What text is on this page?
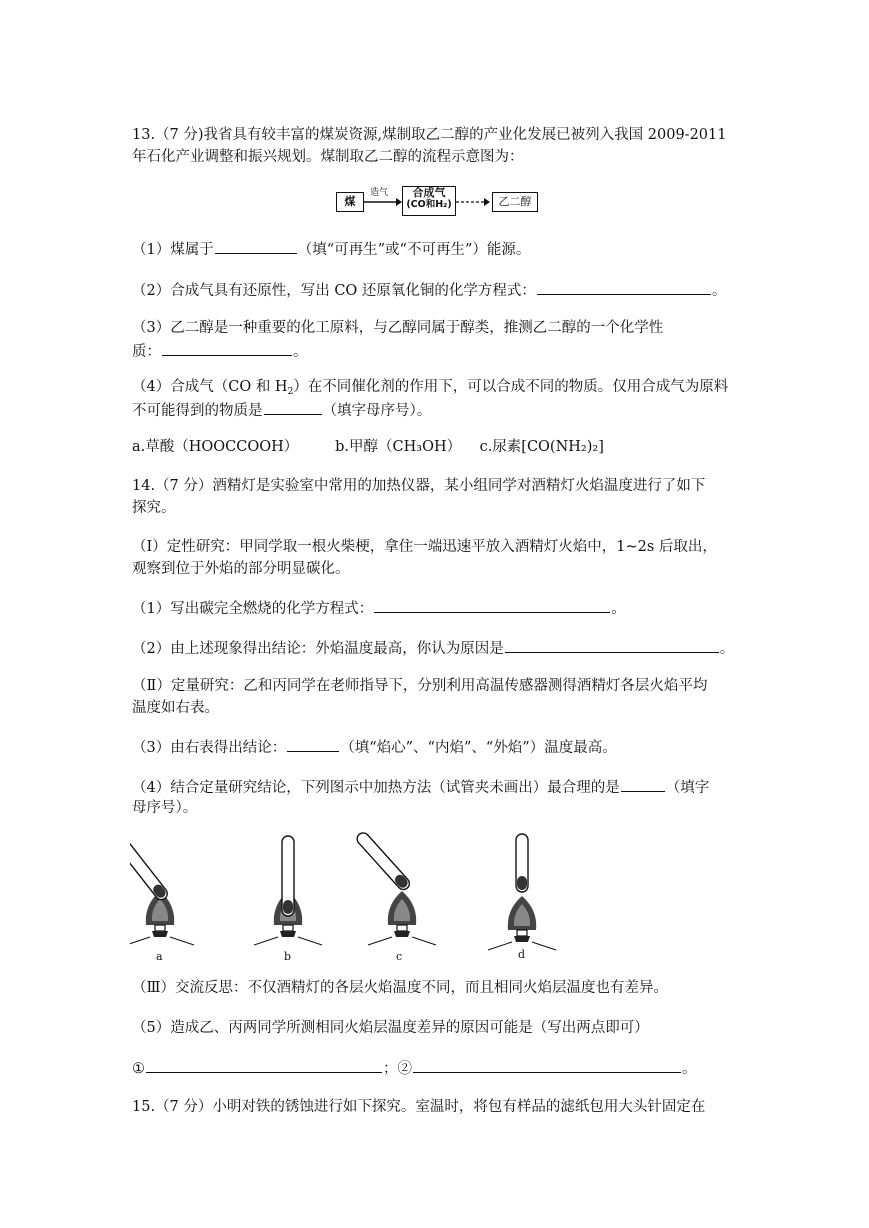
13.（7 分)我省具有较丰富的煤炭资源,煤制取乙二醇的产业化发展已被列入我国 2009-2011
年石化产业调整和振兴规划。煤制取乙二醇的流程示意图为：
煤
造气	合成气
(CO和H₂)	乙二醇
（1）煤属于	（填“可再生”或“不可再生”）能源。
（2）合成气具有还原性，写出 CO 还原氧化铜的化学方程式：	。
（3）乙二醇是一种重要的化工原料，与乙醇同属于醇类，推测乙二醇的一个化学性
质：	。
（4）合成气（CO 和 $H_2$）在不同催化剂的作用下，可以合成不同的物质。仅用合成气为原料
不可能得到的物质是	（填字母序号）。
a.草酸（HOOCCOOH）        b.甲醇（CH₃OH）    c.尿素[CO(NH₂)₂]
14.（7 分）酒精灯是实验室中常用的加热仪器，某小组同学对酒精灯火焰温度进行了如下
探究。
（Ⅰ）定性研究：甲同学取一根火柴梗，拿住一端迅速平放入酒精灯火焰中，1~2s 后取出，
观察到位于外焰的部分明显碳化。
（1）写出碳完全燃烧的化学方程式：	。
（2）由上述现象得出结论：外焰温度最高，你认为原因是	。
（Ⅱ）定量研究：乙和丙同学在老师指导下，分别利用高温传感器测得酒精灯各层火焰平均
温度如右表。
（3）由右表得出结论：	（填“焰心”、“内焰”、“外焰”）温度最高。
（4）结合定量研究结论，下列图示中加热方法（试管夹未画出）最合理的是	（填字
母序号）。
a	b	c	d
（Ⅲ）交流反思：不仅酒精灯的各层火焰温度不同，而且相同火焰层温度也有差异。
（5）造成乙、丙两同学所测相同火焰层温度差异的原因可能是（写出两点即可）
①	；②	。
15.（7 分）小明对铁的锈蚀进行如下探究。室温时，将包有样品的滤纸包用大头针固定在
